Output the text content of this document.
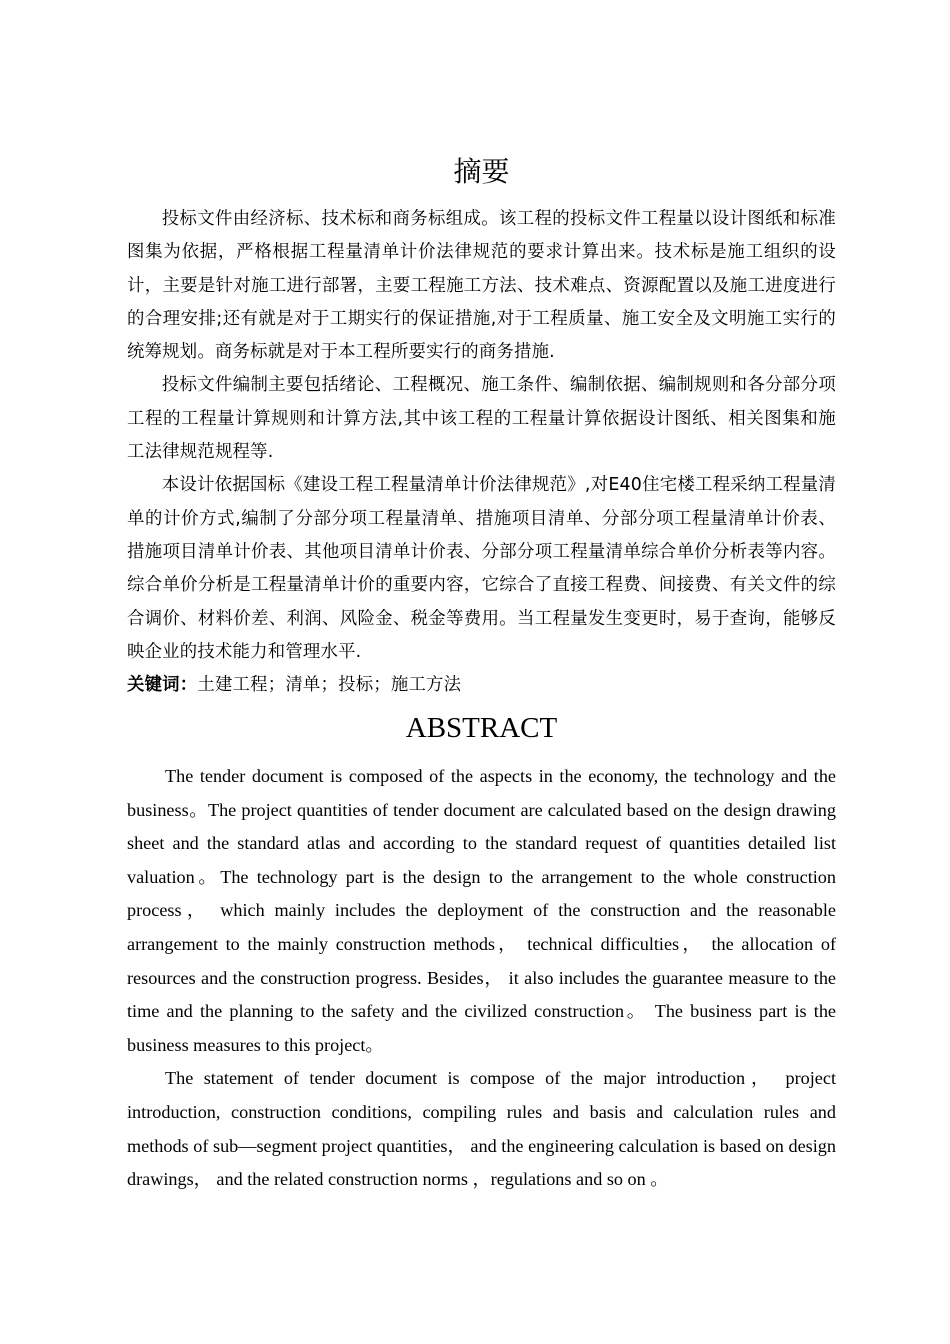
摘要

投标文件由经济标、技术标和商务标组成。该工程的投标文件工程量以设计图纸和标准图集为依据，严格根据工程量清单计价法律规范的要求计算出来。技术标是施工组织的设计，主要是针对施工进行部署，主要工程施工方法、技术难点、资源配置以及施工进度进行的合理安排;还有就是对于工期实行的保证措施,对于工程质量、施工安全及文明施工实行的统筹规划。商务标就是对于本工程所要实行的商务措施.

投标文件编制主要包括绪论、工程概况、施工条件、编制依据、编制规则和各分部分项工程的工程量计算规则和计算方法,其中该工程的工程量计算依据设计图纸、相关图集和施工法律规范规程等.

本设计依据国标《建设工程工程量清单计价法律规范》,对E40住宅楼工程采纳工程量清单的计价方式,编制了分部分项工程量清单、措施项目清单、分部分项工程量清单计价表、措施项目清单计价表、其他项目清单计价表、分部分项工程量清单综合单价分析表等内容。综合单价分析是工程量清单计价的重要内容，它综合了直接工程费、间接费、有关文件的综合调价、材料价差、利润、风险金、税金等费用。当工程量发生变更时，易于查询，能够反映企业的技术能力和管理水平.

关键词：土建工程；清单；投标；施工方法

ABSTRACT

The tender document is composed of the aspects in the economy, the technology and the business。The project quantities of tender document are calculated based on the design drawing sheet and the standard atlas and according to the standard request of quantities detailed list valuation。The technology part is the design to the arrangement to the whole construction process， which mainly includes the deployment of the construction and the reasonable arrangement to the mainly construction methods， technical difficulties， the allocation of resources and the construction progress. Besides， it also includes the guarantee measure to the time and the planning to the safety and the civilized construction。 The business part is the business measures to this project。

The statement of tender document is compose of the major introduction， project introduction, construction conditions, compiling rules and basis and calculation rules and methods of sub—segment project quantities， and the engineering calculation is based on design drawings， and the related construction norms ，regulations and so on 。
